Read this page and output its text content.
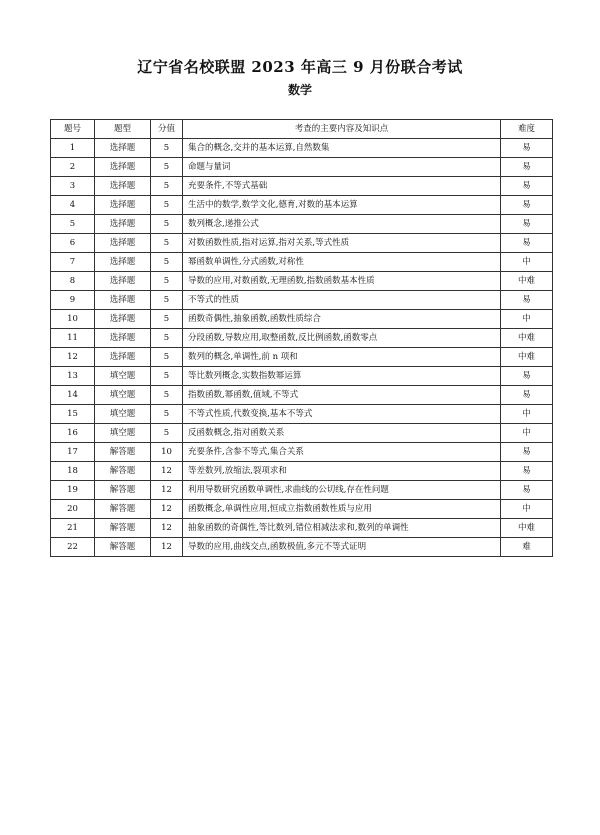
辽宁省名校联盟 2023 年高三 9 月份联合考试
数学
题号	题型	分值	考查的主要内容及知识点	难度
1	选择题	5	集合的概念,交并的基本运算,自然数集	易
2	选择题	5	命题与量词	易
3	选择题	5	充要条件,不等式基础	易
4	选择题	5	生活中的数学,数学文化,德育,对数的基本运算	易
5	选择题	5	数列概念,递推公式	易
6	选择题	5	对数函数性质,指对运算,指对关系,等式性质	易
7	选择题	5	幂函数单调性,分式函数,对称性	中
8	选择题	5	导数的应用,对数函数,无理函数,指数函数基本性质	中难
9	选择题	5	不等式的性质	易
10	选择题	5	函数奇偶性,抽象函数,函数性质综合	中
11	选择题	5	分段函数,导数应用,取整函数,反比例函数,函数零点	中难
12	选择题	5	数列的概念,单调性,前 n 项和	中难
13	填空题	5	等比数列概念,实数指数幂运算	易
14	填空题	5	指数函数,幂函数,值域,不等式	易
15	填空题	5	不等式性质,代数变换,基本不等式	中
16	填空题	5	反函数概念,指对函数关系	中
17	解答题	10	充要条件,含参不等式,集合关系	易
18	解答题	12	等差数列,放缩法,裂项求和	易
19	解答题	12	利用导数研究函数单调性,求曲线的公切线,存在性问题	易
20	解答题	12	函数概念,单调性应用,恒成立指数函数性质与应用	中
21	解答题	12	抽象函数的奇偶性,等比数列,错位相减法求和,数列的单调性	中难
22	解答题	12	导数的应用,曲线交点,函数极值,多元不等式证明	难
